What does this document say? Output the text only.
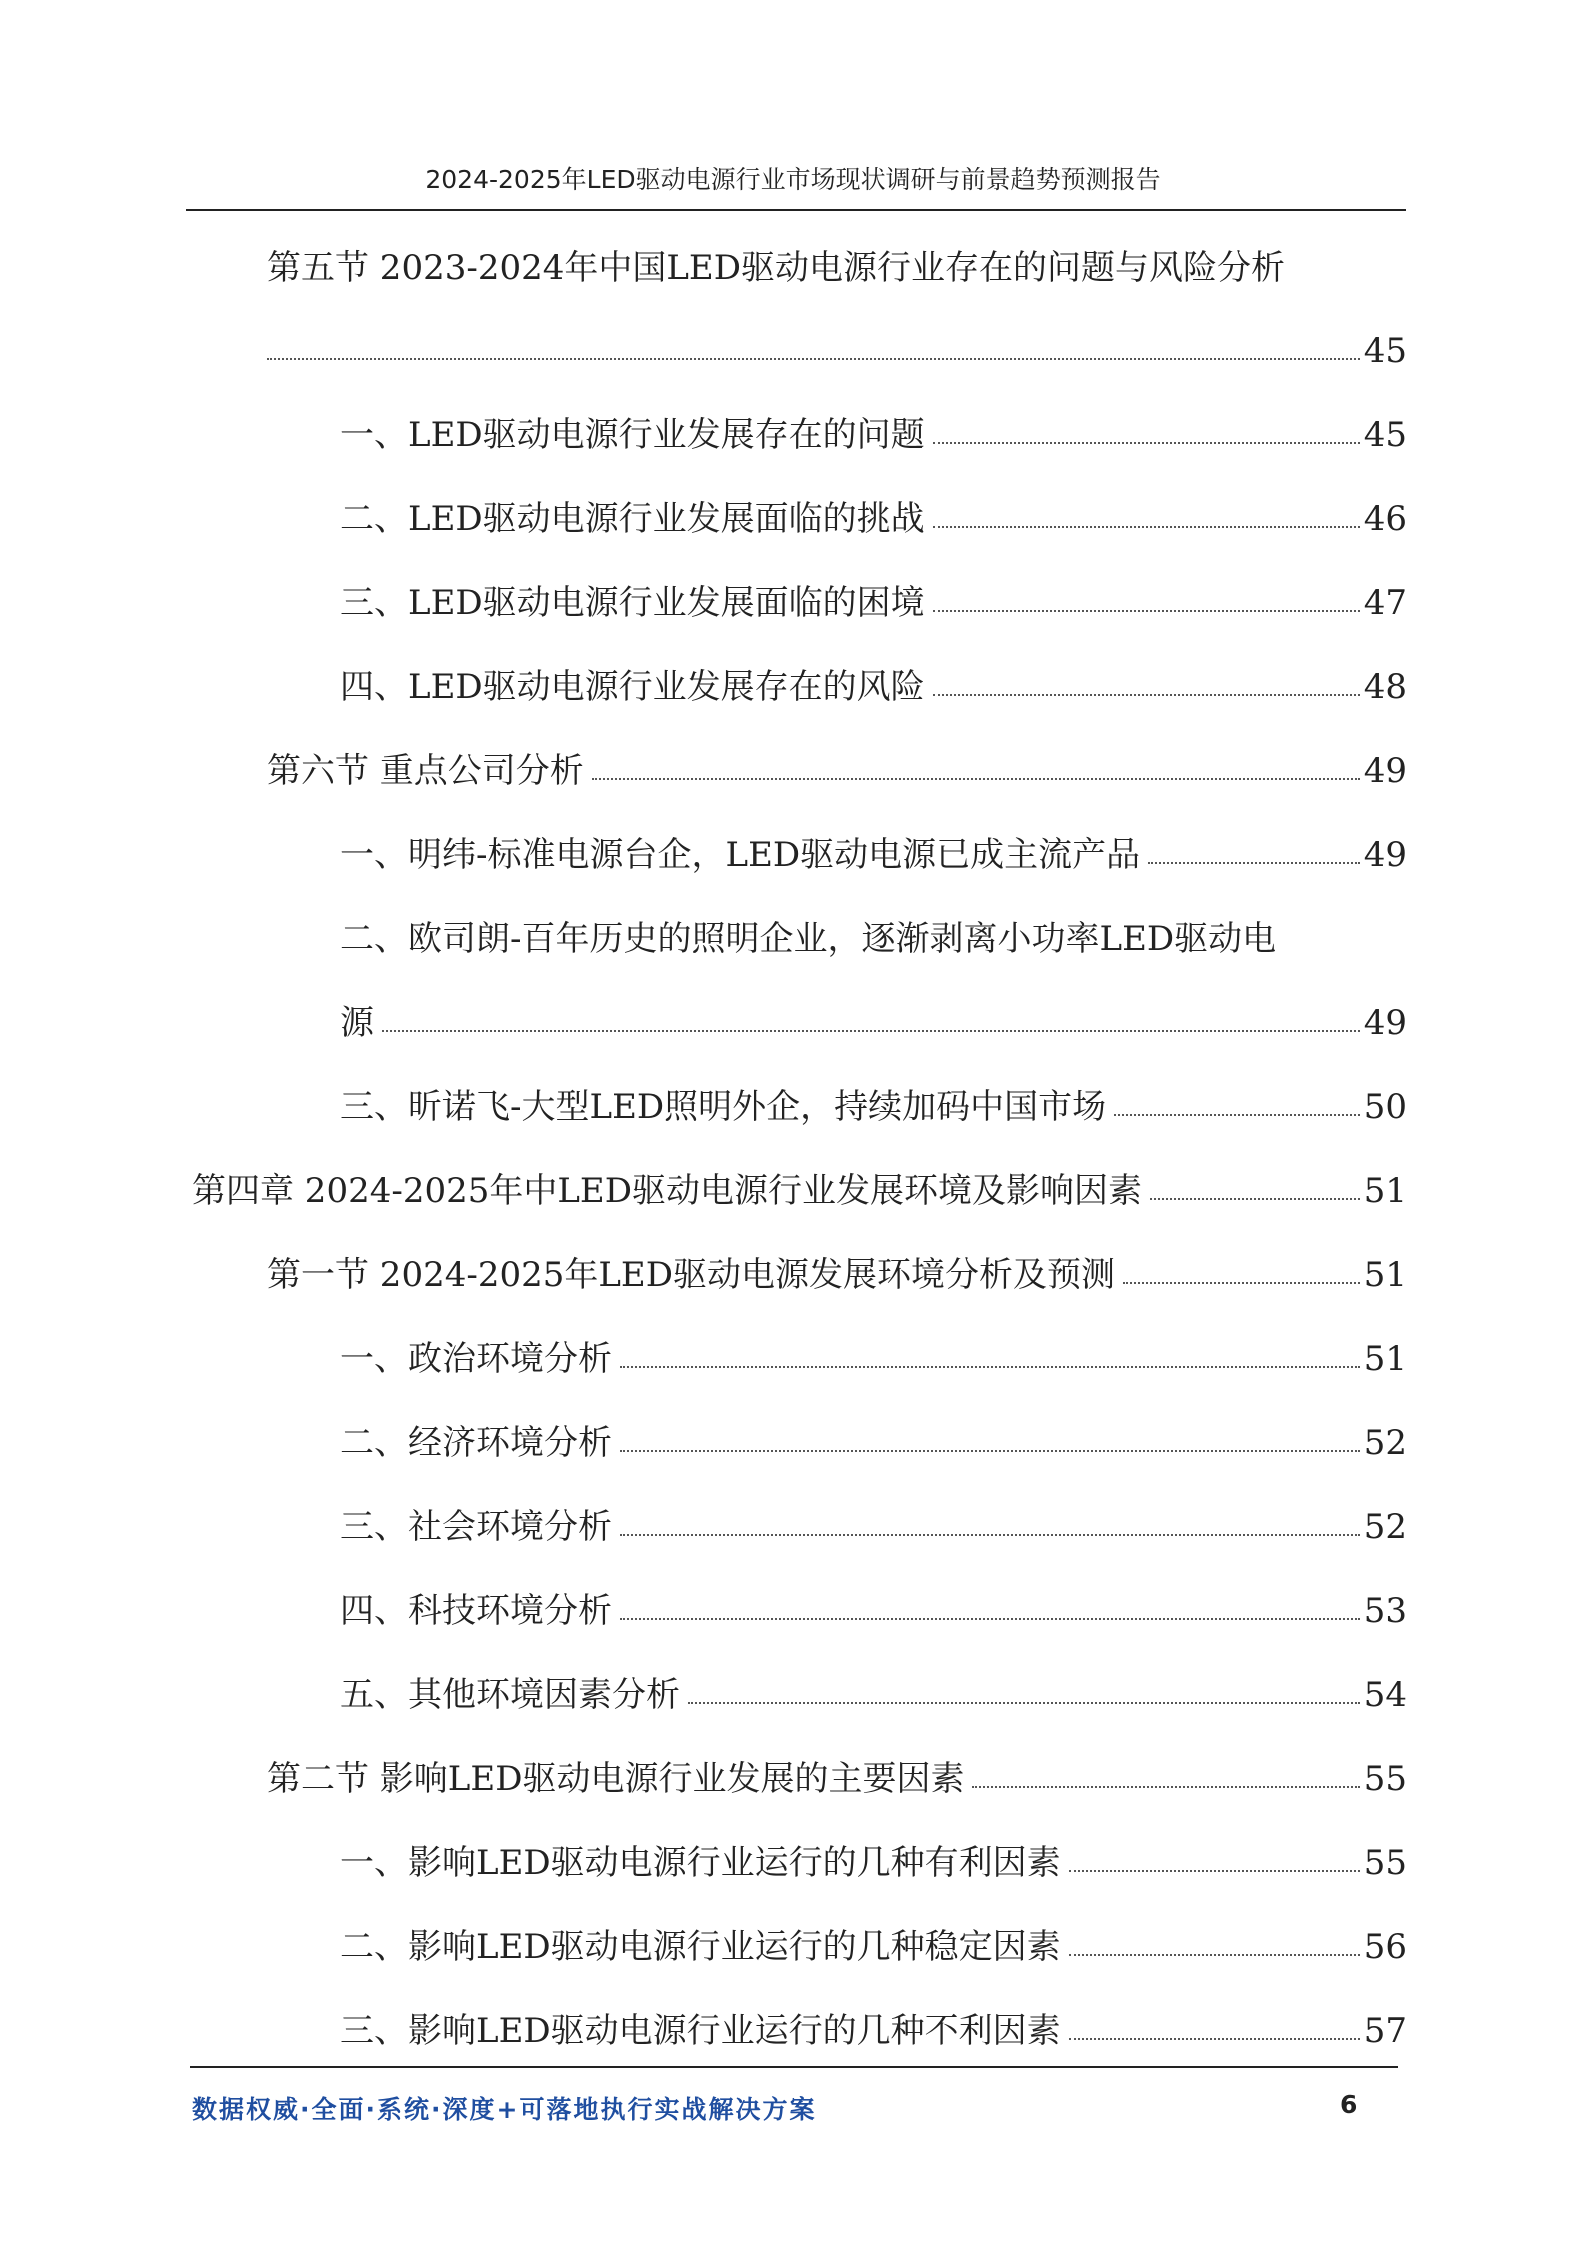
2024-2025年LED驱动电源行业市场现状调研与前景趋势预测报告
第五节 2023-2024年中国LED驱动电源行业存在的问题与风险分析
45
一、LED驱动电源行业发展存在的问题	45
二、LED驱动电源行业发展面临的挑战	46
三、LED驱动电源行业发展面临的困境	47
四、LED驱动电源行业发展存在的风险	48
第六节 重点公司分析	49
一、明纬-标准电源台企，LED驱动电源已成主流产品	49
二、欧司朗-百年历史的照明企业，逐渐剥离小功率LED驱动电
源	49
三、昕诺飞-大型LED照明外企，持续加码中国市场	50
第四章 2024-2025年中LED驱动电源行业发展环境及影响因素	51
第一节 2024-2025年LED驱动电源发展环境分析及预测	51
一、政治环境分析	51
二、经济环境分析	52
三、社会环境分析	52
四、科技环境分析	53
五、其他环境因素分析	54
第二节 影响LED驱动电源行业发展的主要因素	55
一、影响LED驱动电源行业运行的几种有利因素	55
二、影响LED驱动电源行业运行的几种稳定因素	56
三、影响LED驱动电源行业运行的几种不利因素	57
数据权威·全面·系统·深度+可落地执行实战解决方案	6
